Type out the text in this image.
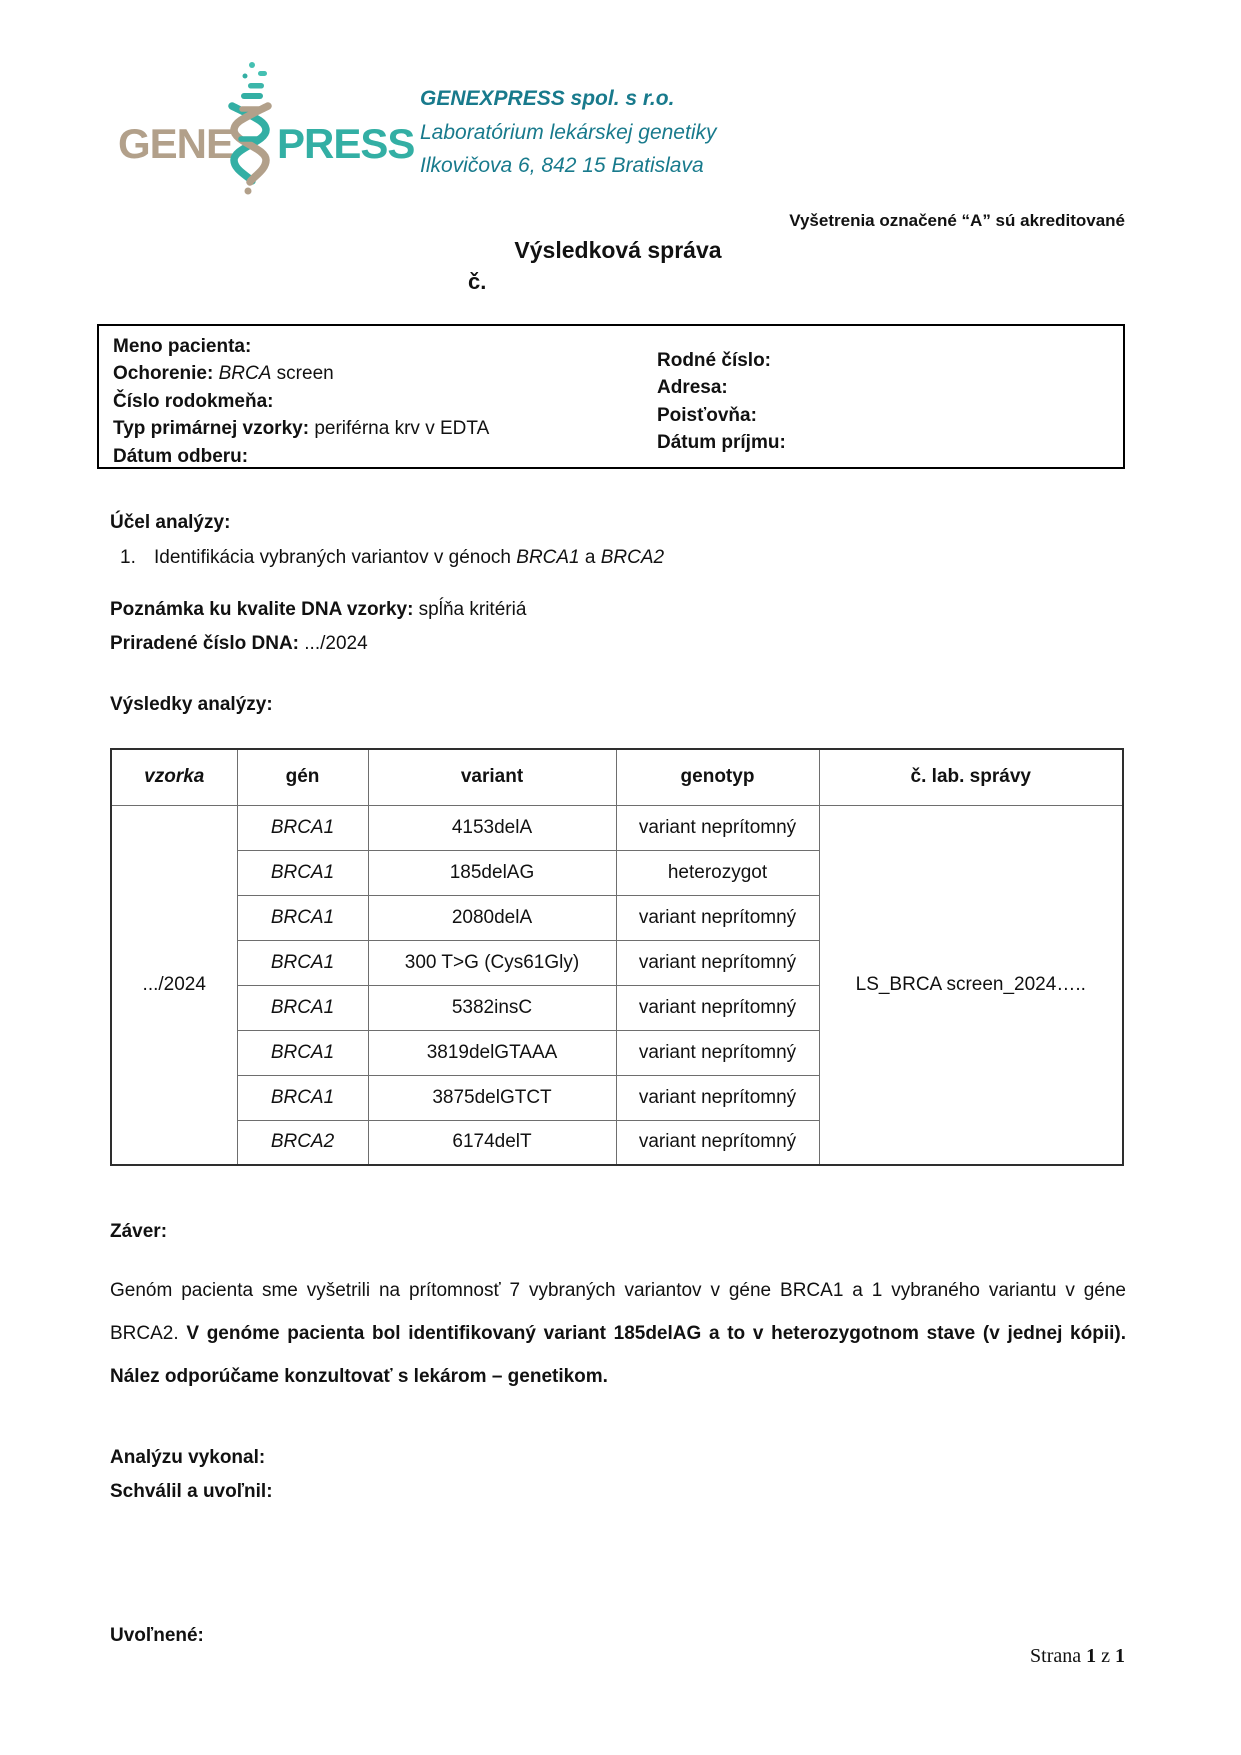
GENE PRESS
GENEXPRESS spol. s r.o.
Laboratórium lekárskej genetiky
Ilkovičova 6, 842 15 Bratislava
Vyšetrenia označené “A” sú akreditované
Výsledková správa
č.
Meno pacienta:
Ochorenie: BRCA screen
Číslo rodokmeňa:
Typ primárnej vzorky: periférna krv v EDTA
Dátum odberu:
Rodné číslo:
Adresa:
Poisťovňa:
Dátum príjmu:
Účel analýzy:
1. Identifikácia vybraných variantov v génoch BRCA1 a BRCA2
Poznámka ku kvalite DNA vzorky: spĺňa kritériá
Priradené číslo DNA: .../2024
Výsledky analýzy:
vzorka	gén	variant	genotyp	č. lab. správy
.../2024	BRCA1	4153delA	variant neprítomný	LS_BRCA screen_2024…..
	BRCA1	185delAG	heterozygot	
	BRCA1	2080delA	variant neprítomný	
	BRCA1	300 T>G (Cys61Gly)	variant neprítomný	
	BRCA1	5382insC	variant neprítomný	
	BRCA1	3819delGTAAA	variant neprítomný	
	BRCA1	3875delGTCT	variant neprítomný	
	BRCA2	6174delT	variant neprítomný	
Záver:
Genóm pacienta sme vyšetrili na prítomnosť 7 vybraných variantov v géne BRCA1 a 1 vybraného variantu v géne BRCA2. V genóme pacienta bol identifikovaný variant 185delAG a to v heterozygotnom stave (v jednej kópii). Nález odporúčame konzultovať s lekárom – genetikom.
Analýzu vykonal:
Schválil a uvoľnil:
Uvoľnené:
Strana 1 z 1
